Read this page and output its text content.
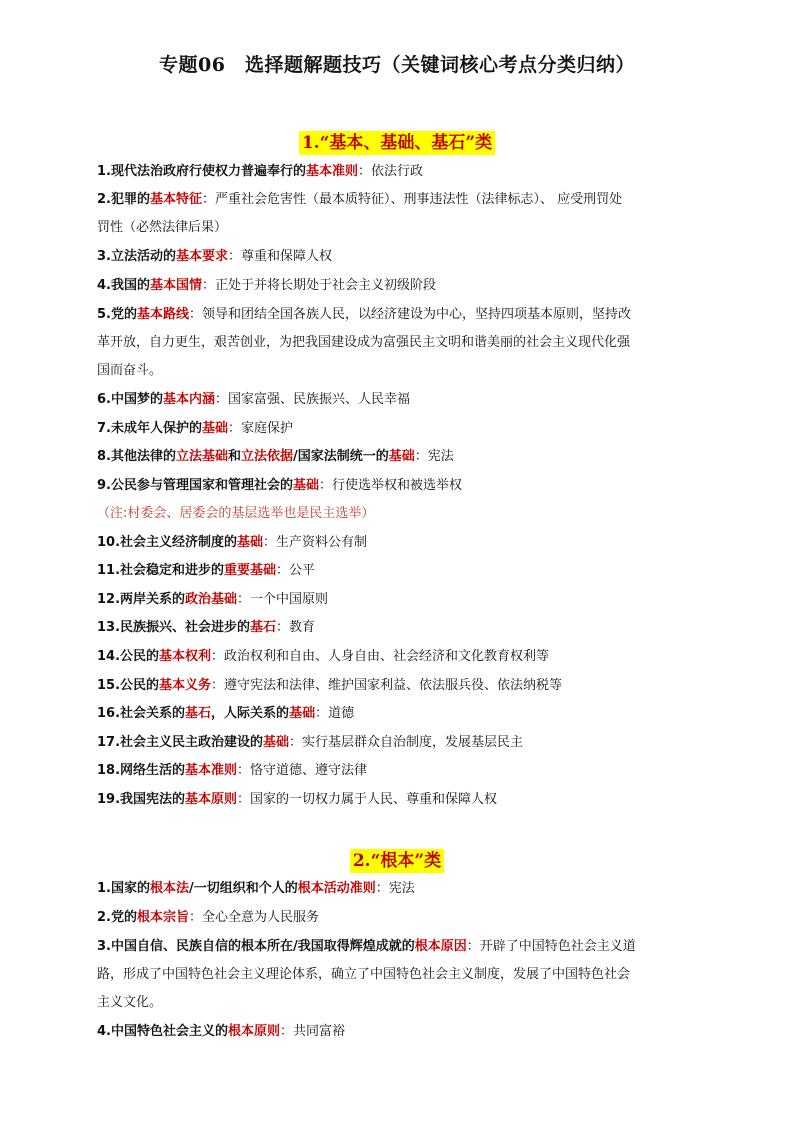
专题06　选择题解题技巧（关键词核心考点分类归纳）
1.“基本、基础、基石”类
1.现代法治政府行使权力普遍奉行的基本准则：依法行政
2.犯罪的基本特征：严重社会危害性（最本质特征）、刑事违法性（法律标志）、 应受刑罚处
罚性（必然法律后果）
3.立法活动的基本要求：尊重和保障人权
4.我国的基本国情：正处于并将长期处于社会主义初级阶段
5.党的基本路线：领导和团结全国各族人民，以经济建设为中心，坚持四项基本原则，坚持改
革开放，自力更生，艰苦创业，为把我国建设成为富强民主文明和谐美丽的社会主义现代化强
国而奋斗。
6.中国梦的基本内涵：国家富强、民族振兴、人民幸福
7.未成年人保护的基础：家庭保护
8.其他法律的立法基础和立法依据/国家法制统一的基础：宪法
9.公民参与管理国家和管理社会的基础：行使选举权和被选举权
（注:村委会、居委会的基层选举也是民主选举）
10.社会主义经济制度的基础：生产资料公有制
11.社会稳定和进步的重要基础：公平
12.两岸关系的政治基础：一个中国原则
13.民族振兴、社会进步的基石：教育
14.公民的基本权利：政治权利和自由、人身自由、社会经济和文化教育权利等
15.公民的基本义务：遵守宪法和法律、维护国家利益、依法服兵役、依法纳税等
16.社会关系的基石，人际关系的基础：道德
17.社会主义民主政治建设的基础：实行基层群众自治制度，发展基层民主
18.网络生活的基本准则：恪守道德、遵守法律
19.我国宪法的基本原则：国家的一切权力属于人民、尊重和保障人权
2.“根本”类
1.国家的根本法/一切组织和个人的根本活动准则：宪法
2.党的根本宗旨：全心全意为人民服务
3.中国自信、民族自信的根本所在/我国取得辉煌成就的根本原因：开辟了中国特色社会主义道
路，形成了中国特色社会主义理论体系，确立了中国特色社会主义制度，发展了中国特色社会
主义文化。
4.中国特色社会主义的根本原则：共同富裕
